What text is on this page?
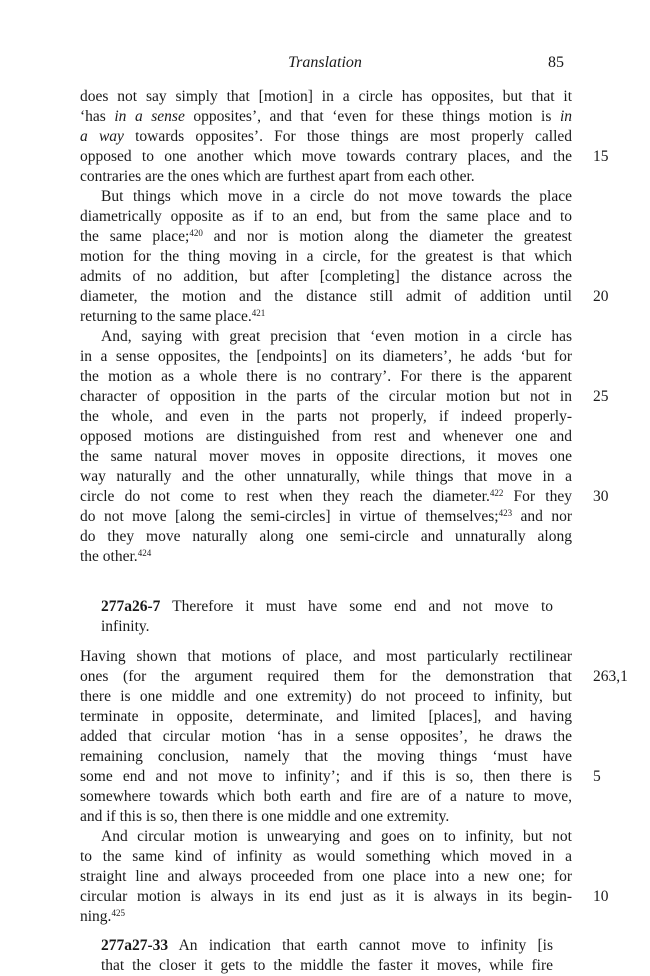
Translation	85
does not say simply that [motion] in a circle has opposites, but that it
‘has in a sense opposites’, and that ‘even for these things motion is in
a way towards opposites’. For those things are most properly called
opposed to one another which move towards contrary places, and the
contraries are the ones which are furthest apart from each other.
But things which move in a circle do not move towards the place
diametrically opposite as if to an end, but from the same place and to
the same place;$^{420}$ and nor is motion along the diameter the greatest
motion for the thing moving in a circle, for the greatest is that which
admits of no addition, but after [completing] the distance across the
diameter, the motion and the distance still admit of addition until
returning to the same place.$^{421}$
And, saying with great precision that ‘even motion in a circle has
in a sense opposites, the [endpoints] on its diameters’, he adds ‘but for
the motion as a whole there is no contrary’. For there is the apparent
character of opposition in the parts of the circular motion but not in
the whole, and even in the parts not properly, if indeed properly-
opposed motions are distinguished from rest and whenever one and
the same natural mover moves in opposite directions, it moves one
way naturally and the other unnaturally, while things that move in a
circle do not come to rest when they reach the diameter.$^{422}$ For they
do not move [along the semi-circles] in virtue of themselves;$^{423}$ and nor
do they move naturally along one semi-circle and unnaturally along
the other.$^{424}$
277a26-7 Therefore it must have some end and not move to
infinity.
Having shown that motions of place, and most particularly rectilinear
ones (for the argument required them for the demonstration that
there is one middle and one extremity) do not proceed to infinity, but
terminate in opposite, determinate, and limited [places], and having
added that circular motion ‘has in a sense opposites’, he draws the
remaining conclusion, namely that the moving things ‘must have
some end and not move to infinity’; and if this is so, then there is
somewhere towards which both earth and fire are of a nature to move,
and if this is so, then there is one middle and one extremity.
And circular motion is unwearying and goes on to infinity, but not
to the same kind of infinity as would something which moved in a
straight line and always proceeded from one place into a new one; for
circular motion is always in its end just as it is always in its begin-
ning.$^{425}$
277a27-33 An indication that earth cannot move to infinity [is
that the closer it gets to the middle the faster it moves, while fire
15
20
25
30
263,1
5
10
